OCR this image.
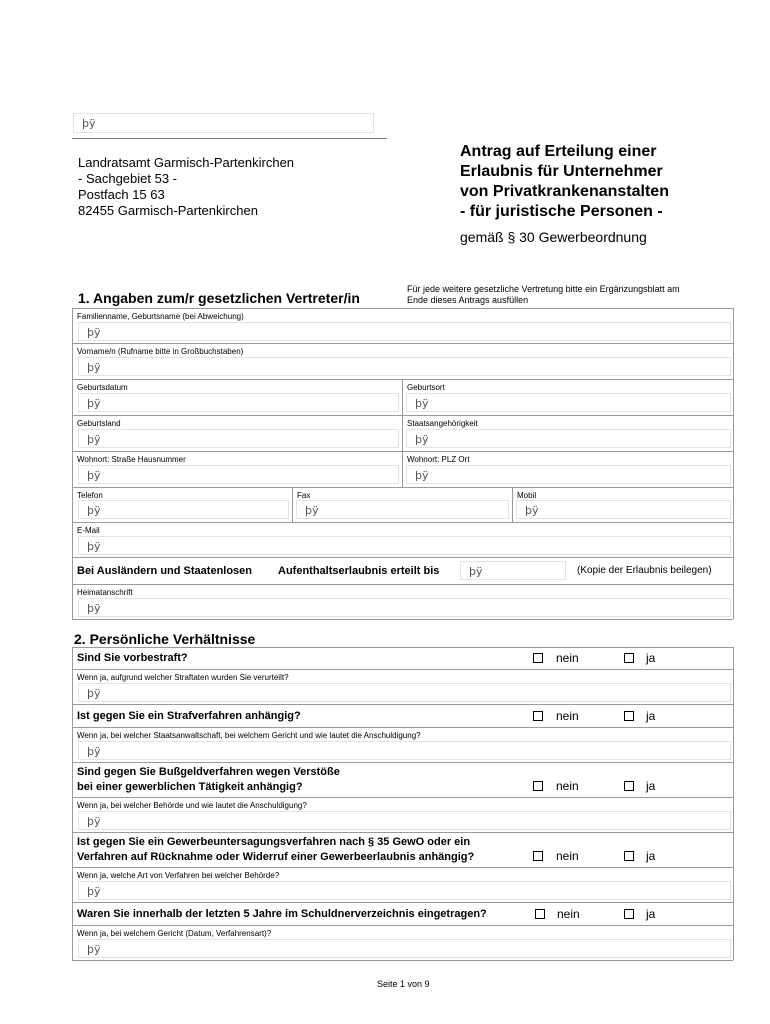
þÿ
Landratsamt Garmisch-Partenkirchen
- Sachgebiet 53 -
Postfach 15 63
82455 Garmisch-Partenkirchen
Antrag auf Erteilung einer
Erlaubnis für Unternehmer
von Privatkrankenanstalten
- für juristische Personen -
gemäß § 30 Gewerbeordnung
1. Angaben zum/r gesetzlichen Vertreter/in
Für jede weitere gesetzliche Vertretung bitte ein Ergänzungsblatt am
Ende dieses Antrags ausfüllen
Familienname, Geburtsname (bei Abweichung)
þÿ
Vorname/n (Rufname bitte in Großbuchstaben)
þÿ
Geburtsdatum
þÿ
Geburtsort
þÿ
Geburtsland
þÿ
Staatsangehörigkeit
þÿ
Wohnort: Straße Hausnummer
þÿ
Wohnort: PLZ Ort
þÿ
Telefon
þÿ
Fax
þÿ
Mobil
þÿ
E-Mail
þÿ
Bei Ausländern und Staatenlosen Aufenthaltserlaubnis erteilt bis	þÿ	(Kopie der Erlaubnis beilegen)
Heimatanschrift
þÿ
2. Persönliche Verhältnisse
Sind Sie vorbestraft?	nein	ja
Wenn ja, aufgrund welcher Straftaten wurden Sie verurteilt?
þÿ
Ist gegen Sie ein Strafverfahren anhängig?	nein	ja
Wenn ja, bei welcher Staatsanwaltschaft, bei welchem Gericht und wie lautet die Anschuldigung?
þÿ
Sind gegen Sie Bußgeldverfahren wegen Verstöße
bei einer gewerblichen Tätigkeit anhängig?	nein	ja
Wenn ja, bei welcher Behörde und wie lautet die Anschuldigung?
þÿ
Ist gegen Sie ein Gewerbeuntersagungsverfahren nach § 35 GewO oder ein
Verfahren auf Rücknahme oder Widerruf einer Gewerbeerlaubnis anhängig?	nein	ja
Wenn ja, welche Art von Verfahren bei welcher Behörde?
þÿ
Waren Sie innerhalb der letzten 5 Jahre im Schuldnerverzeichnis eingetragen?	nein	ja
Wenn ja, bei welchem Gericht (Datum, Verfahrensart)?
þÿ
Seite 1 von 9
